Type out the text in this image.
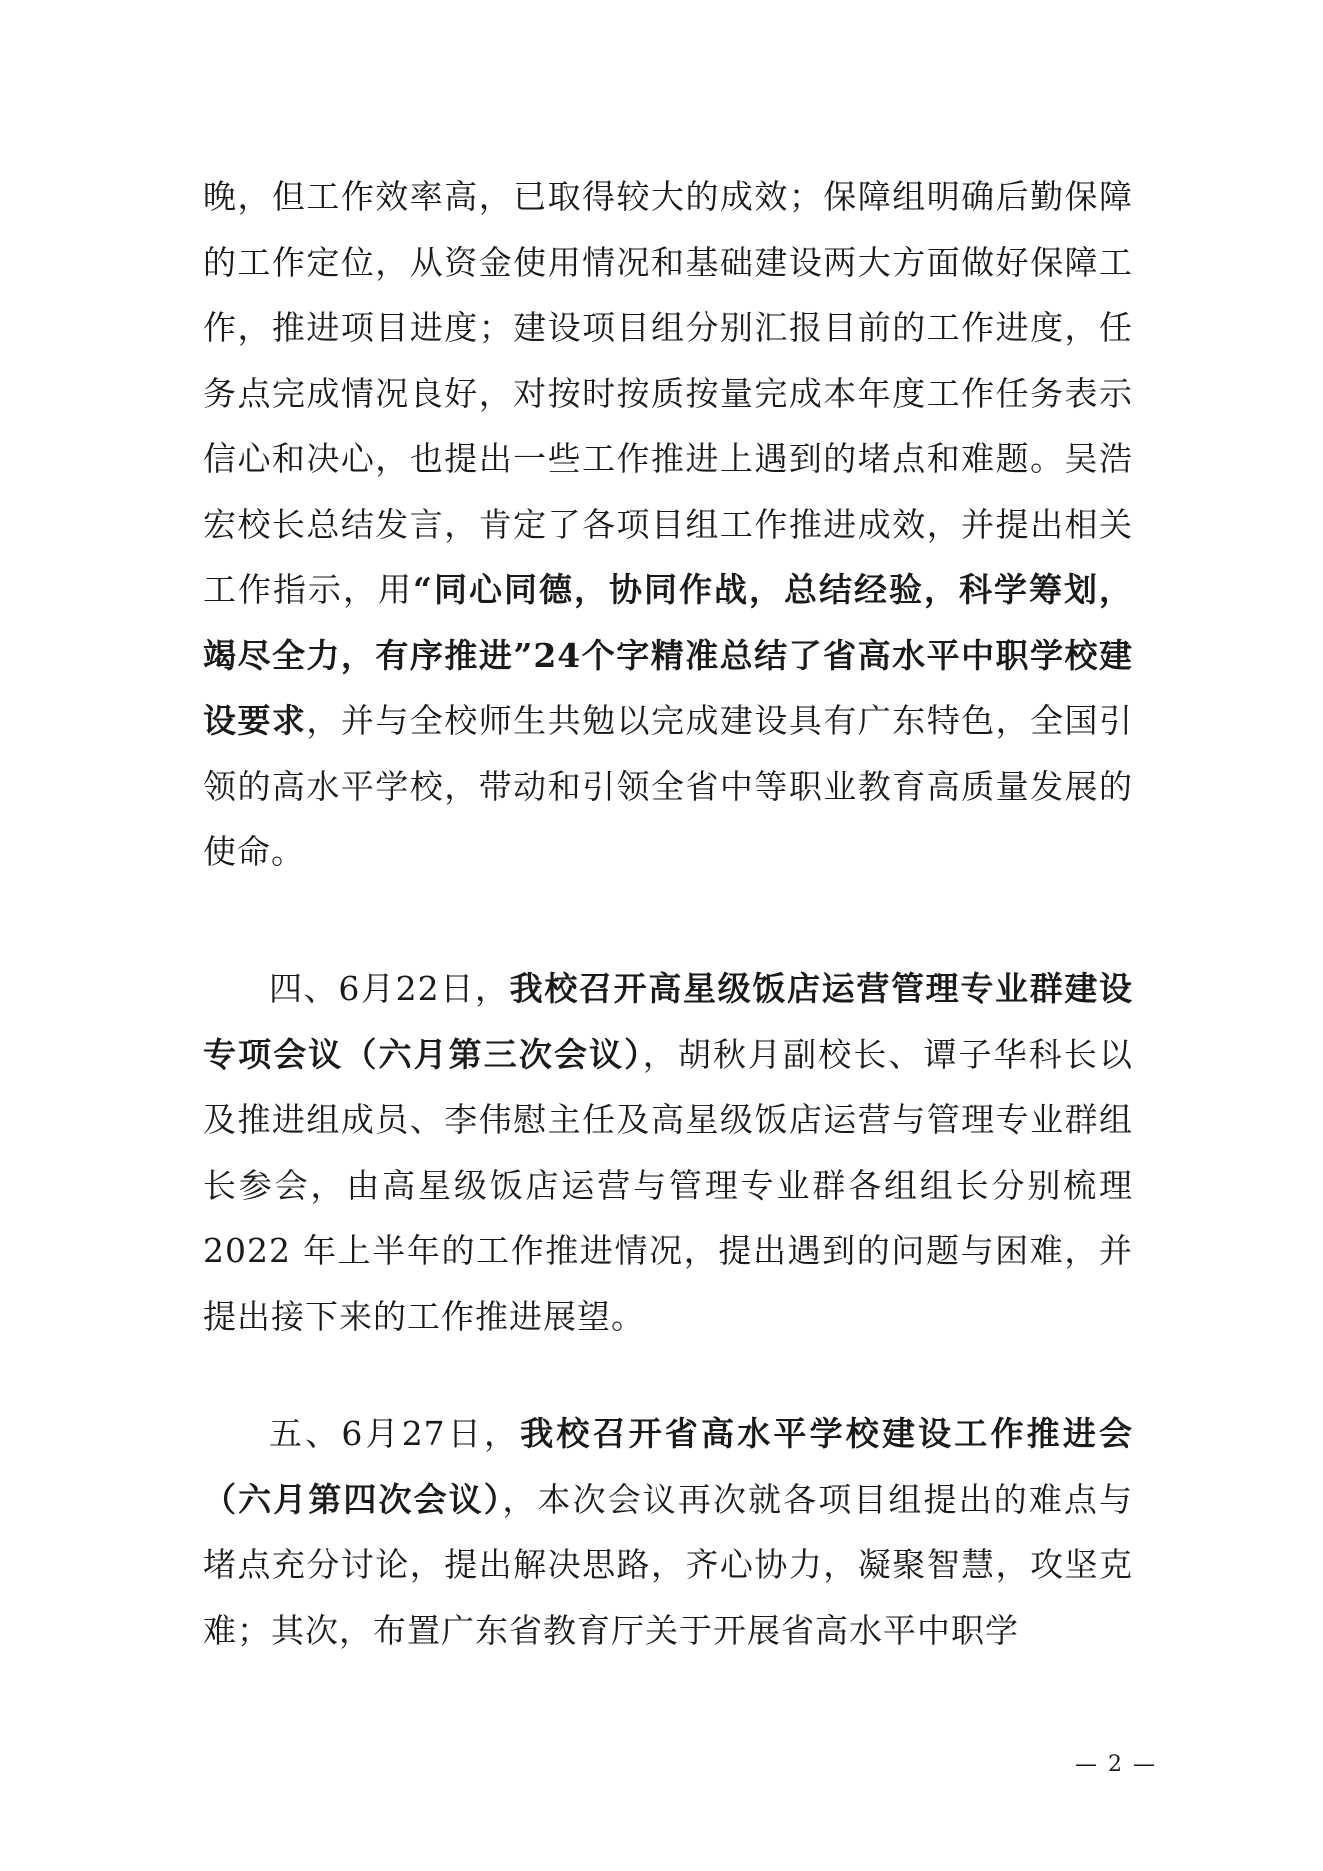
晚，但工作效率高，已取得较大的成效；保障组明确后勤保障的工作定位，从资金使用情况和基础建设两大方面做好保障工作，推进项目进度；建设项目组分别汇报目前的工作进度，任务点完成情况良好，对按时按质按量完成本年度工作任务表示信心和决心，也提出一些工作推进上遇到的堵点和难题。吴浩宏校长总结发言，肯定了各项目组工作推进成效，并提出相关工作指示，用“同心同德，协同作战，总结经验，科学筹划，竭尽全力，有序推进”24个字精准总结了省高水平中职学校建设要求，并与全校师生共勉以完成建设具有广东特色，全国引领的高水平学校，带动和引领全省中等职业教育高质量发展的使命。

四、6月22日，我校召开高星级饭店运营管理专业群建设专项会议（六月第三次会议），胡秋月副校长、谭子华科长以及推进组成员、李伟慰主任及高星级饭店运营与管理专业群组长参会，由高星级饭店运营与管理专业群各组组长分别梳理 2022 年上半年的工作推进情况，提出遇到的问题与困难，并提出接下来的工作推进展望。

五、6月27日，我校召开省高水平学校建设工作推进会（六月第四次会议），本次会议再次就各项目组提出的难点与堵点充分讨论，提出解决思路，齐心协力，凝聚智慧，攻坚克难；其次，布置广东省教育厅关于开展省高水平中职学

— 2 —
